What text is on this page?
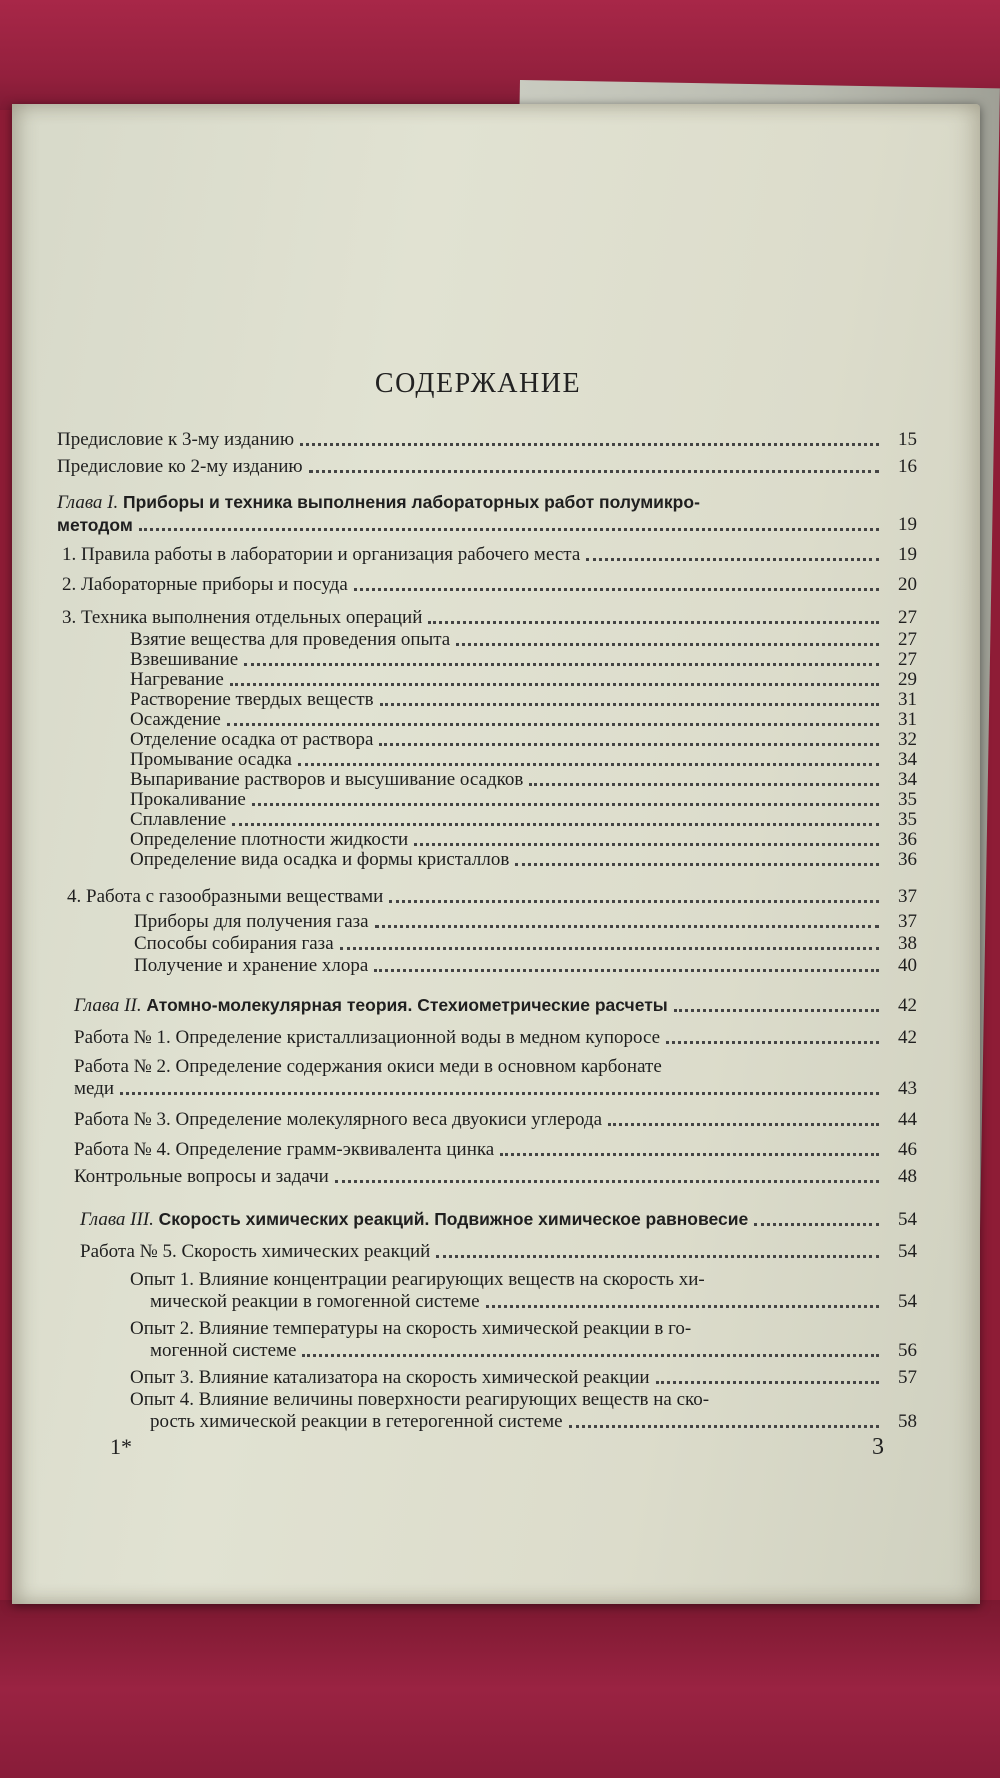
СОДЕРЖАНИЕ
Предисловие к 3-му изданию	15
Предисловие ко 2-му изданию	16
Глава I. Приборы и техника выполнения лабораторных работ полумикро-
методом	19
1. Правила работы в лаборатории и организация рабочего места	19
2. Лабораторные приборы и посуда	20
3. Техника выполнения отдельных операций	27
Взятие вещества для проведения опыта	27
Взвешивание	27
Нагревание	29
Растворение твердых веществ	31
Осаждение	31
Отделение осадка от раствора	32
Промывание осадка	34
Выпаривание растворов и высушивание осадков	34
Прокаливание	35
Сплавление	35
Определение плотности жидкости	36
Определение вида осадка и формы кристаллов	36
4. Работа с газообразными веществами	37
Приборы для получения газа	37
Способы собирания газа	38
Получение и хранение хлора	40
Глава II. Атомно-молекулярная теория. Стехиометрические расчеты	42
Работа № 1. Определение кристаллизационной воды в медном купоросе	42
Работа № 2. Определение содержания окиси меди в основном карбонате
меди	43
Работа № 3. Определение молекулярного веса двуокиси углерода	44
Работа № 4. Определение грамм-эквивалента цинка	46
Контрольные вопросы и задачи	48
Глава III. Скорость химических реакций. Подвижное химическое равновесие	54
Работа № 5. Скорость химических реакций	54
Опыт 1. Влияние концентрации реагирующих веществ на скорость хи-
мической реакции в гомогенной системе	54
Опыт 2. Влияние температуры на скорость химической реакции в го-
могенной системе	56
Опыт 3. Влияние катализатора на скорость химической реакции	57
Опыт 4. Влияние величины поверхности реагирующих веществ на ско-
рость химической реакции в гетерогенной системе	58
1*	3
